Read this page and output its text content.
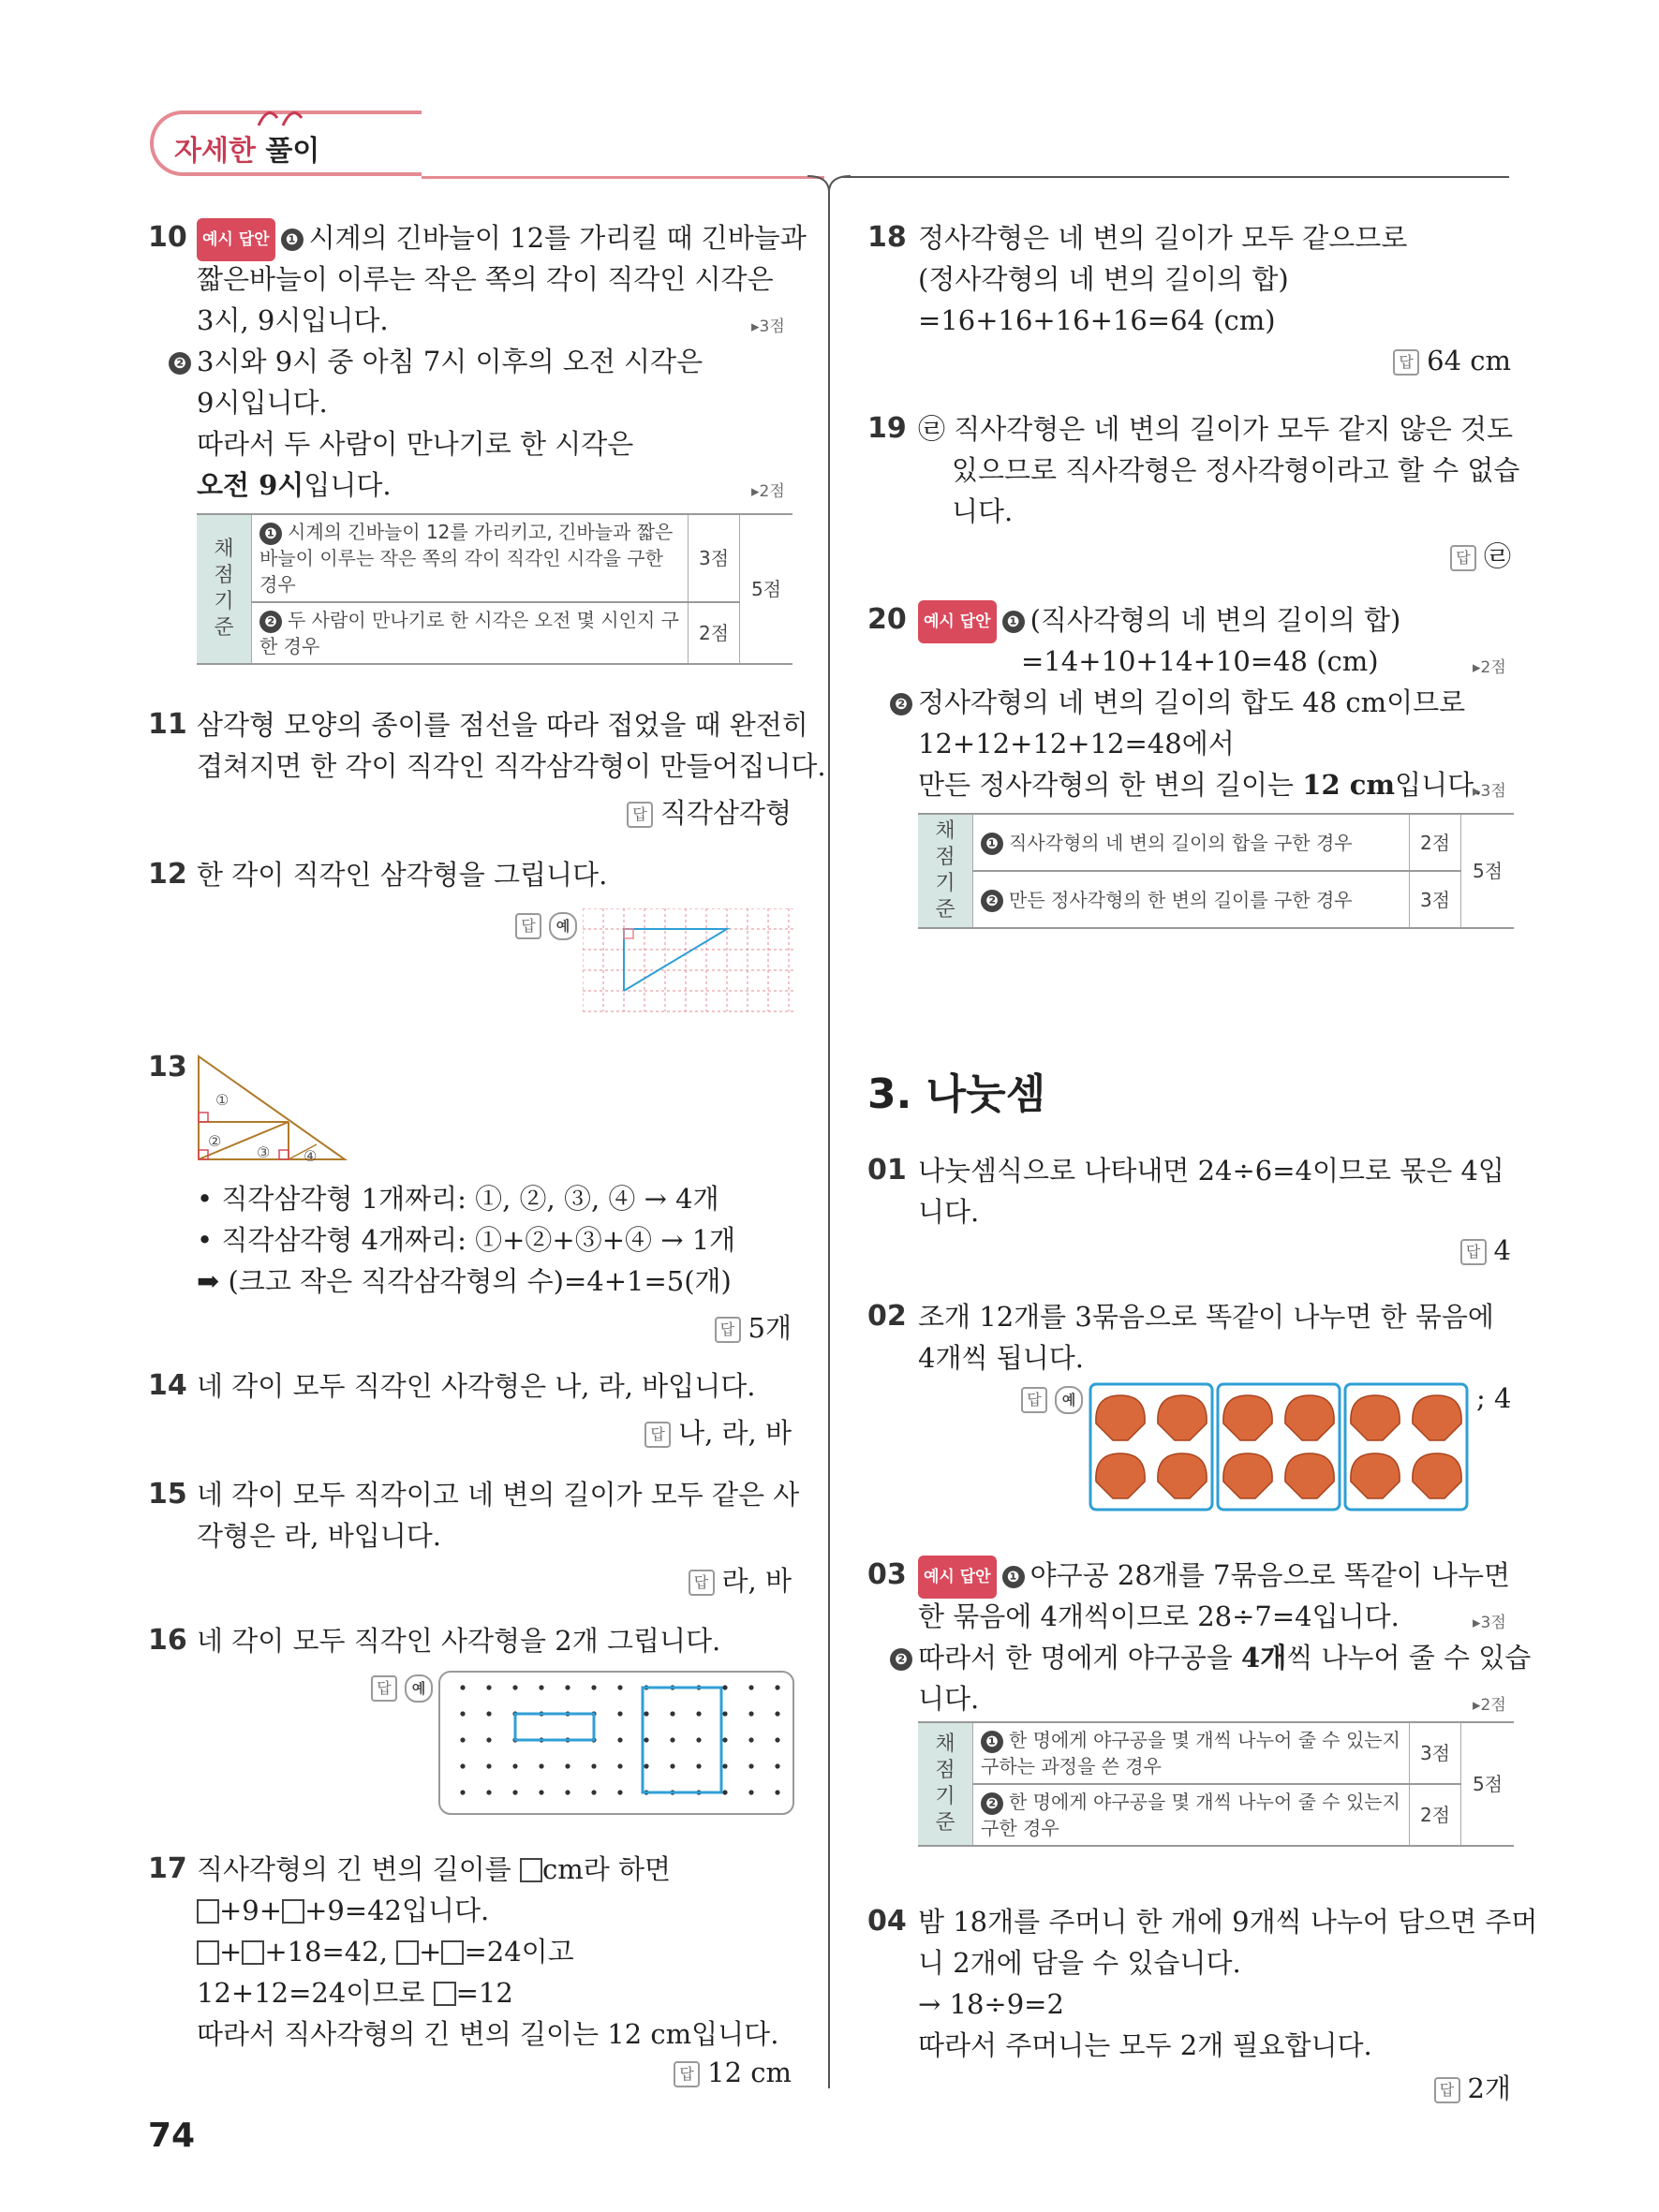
자세한 풀이
10 예시 답안 ❶ 시계의 긴바늘이 12를 가리킬 때 긴바늘과
짧은바늘이 이루는 작은 쪽의 각이 직각인 시각은
3시, 9시입니다.	▸3점
❷ 3시와 9시 중 아침 7시 이후의 오전 시각은
9시입니다.
따라서 두 사람이 만나기로 한 시각은
오전 9시입니다.	▸2점
채점 기준	❶ 시계의 긴바늘이 12를 가리키고, 긴바늘과 짧은
바늘이 이루는 작은 쪽의 각이 직각인 시각을 구한
경우	3점	5점
	❷ 두 사람이 만나기로 한 시각은 오전 몇 시인지 구
한 경우	2점	
11 삼각형 모양의 종이를 점선을 따라 접었을 때 완전히
겹쳐지면 한 각이 직각인 직각삼각형이 만들어집니다.
답 직각삼각형
12 한 각이 직각인 삼각형을 그립니다.
답 예
13
①
②
③ ④
• 직각삼각형 1개짜리: ①, ②, ③, ④ → 4개
• 직각삼각형 4개짜리: ①+②+③+④ → 1개
➡ (크고 작은 직각삼각형의 수)=4+1=5(개)
답 5개
14 네 각이 모두 직각인 사각형은 나, 라, 바입니다.
답 나, 라, 바
15 네 각이 모두 직각이고 네 변의 길이가 모두 같은 사
각형은 라, 바입니다.
답 라, 바
16 네 각이 모두 직각인 사각형을 2개 그립니다.
답 예
17 직사각형의 긴 변의 길이를 cm라 하면
+9+ +9=42입니다.
+ +18=42, + =24이고
12+12=24이므로 =12
따라서 직사각형의 긴 변의 길이는 12 cm입니다.
답 12 cm
18 정사각형은 네 변의 길이가 모두 같으므로
(정사각형의 네 변의 길이의 합)
=16+16+16+16=64 (cm)
답 64 cm
19 ㉣ 직사각형은 네 변의 길이가 모두 같지 않은 것도
있으므로 직사각형은 정사각형이라고 할 수 없습
니다.
답 ㉣
20	예시 답안 ❶ (직사각형의 네 변의 길이의 합)
=14+10+14+10=48 (cm)	▸2점
❷ 정사각형의 네 변의 길이의 합도 48 cm이므로
12+12+12+12=48에서
만든 정사각형의 한 변의 길이는 12 cm입니다.
▸3점
채점 기준	❶ 직사각형의 네 변의 길이의 합을 구한 경우	2점	5점
	❷ 만든 정사각형의 한 변의 길이를 구한 경우	3점	
3. 나눗셈
01 나눗셈식으로 나타내면 24÷6=4이므로 몫은 4입
니다.
답 4
02 조개 12개를 3묶음으로 똑같이 나누면 한 묶음에
4개씩 됩니다.
답 예	; 4
03	예시 답안 ❶ 야구공 28개를 7묶음으로 똑같이 나누면
한 묶음에 4개씩이므로 28÷7=4입니다.	▸3점
❷ 따라서 한 명에게 야구공을 4개씩 나누어 줄 수 있습
니다.	▸2점
채점 기준	❶ 한 명에게 야구공을 몇 개씩 나누어 줄 수 있는지
구하는 과정을 쓴 경우	3점	5점
	❷ 한 명에게 야구공을 몇 개씩 나누어 줄 수 있는지
구한 경우	2점	
04 밤 18개를 주머니 한 개에 9개씩 나누어 담으면 주머
니 2개에 담을 수 있습니다.
→ 18÷9=2
따라서 주머니는 모두 2개 필요합니다.
답 2개
74
